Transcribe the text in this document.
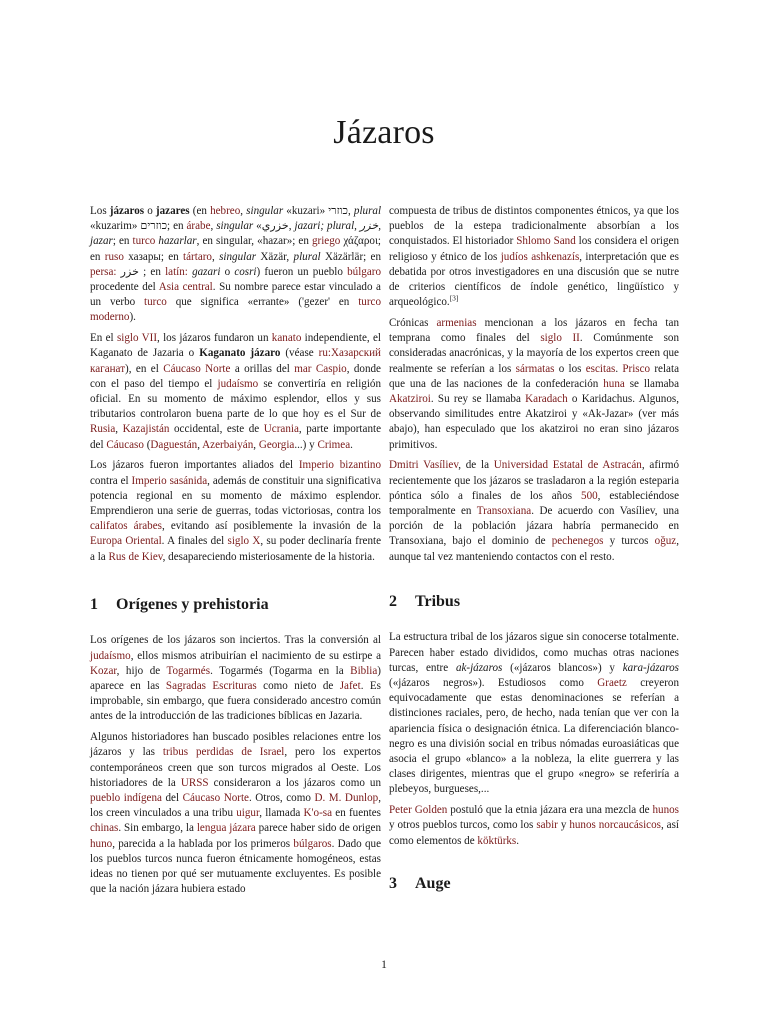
Jázaros

Los jázaros o jazares (en hebreo, singular «kuzari» כוזרי, plural «kuzarim» כוזרים; en árabe, singular «خزري, jazari; plural, خزر, jazar; en turco hazarlar, en singular, «hazar»; en griego χάζαροι; en ruso хазары; en tártaro, singular Xäzär, plural Xäzärlär; en persa: خزر ; en latín: gazari o cosri) fueron un pueblo búlgaro procedente del Asia central. Su nombre parece estar vinculado a un verbo turco que significa «errante» ('gezer' en turco moderno).

En el siglo VII, los jázaros fundaron un kanato independiente, el Kaganato de Jazaria o Kaganato jázaro (véase ru:Хазарский каганат), en el Cáucaso Norte a orillas del mar Caspio, donde con el paso del tiempo el judaísmo se convertiría en religión oficial. En su momento de máximo esplendor, ellos y sus tributarios controlaron buena parte de lo que hoy es el Sur de Rusia, Kazajistán occidental, este de Ucrania, parte importante del Cáucaso (Daguestán, Azerbaiyán, Georgia...) y Crimea.

Los jázaros fueron importantes aliados del Imperio bizantino contra el Imperio sasánida, además de constituir una significativa potencia regional en su momento de máximo esplendor. Emprendieron una serie de guerras, todas victoriosas, contra los califatos árabes, evitando así posiblemente la invasión de la Europa Oriental. A finales del siglo X, su poder declinaría frente a la Rus de Kiev, desapareciendo misteriosamente de la historia.

1 Orígenes y prehistoria

Los orígenes de los jázaros son inciertos. Tras la conversión al judaísmo, ellos mismos atribuirían el nacimiento de su estirpe a Kozar, hijo de Togarmés. Togarmés (Togarma en la Biblia) aparece en las Sagradas Escrituras como nieto de Jafet. Es improbable, sin embargo, que fuera considerado ancestro común antes de la introducción de las tradiciones bíblicas en Jazaria.

Algunos historiadores han buscado posibles relaciones entre los jázaros y las tribus perdidas de Israel, pero los expertos contemporáneos creen que son turcos migrados al Oeste. Los historiadores de la URSS consideraron a los jázaros como un pueblo indígena del Cáucaso Norte. Otros, como D. M. Dunlop, los creen vinculados a una tribu uigur, llamada K'o-sa en fuentes chinas. Sin embargo, la lengua jázara parece haber sido de origen huno, parecida a la hablada por los primeros búlgaros. Dado que los pueblos turcos nunca fueron étnicamente homogéneos, estas ideas no tienen por qué ser mutuamente excluyentes. Es posible que la nación jázara hubiera estado

compuesta de tribus de distintos componentes étnicos, ya que los pueblos de la estepa tradicionalmente absorbían a los conquistados. El historiador Shlomo Sand los considera el origen religioso y étnico de los judíos ashkenazís, interpretación que es debatida por otros investigadores en una discusión que se nutre de criterios científicos de índole genético, lingüístico y arqueológico.[3]

Crónicas armenias mencionan a los jázaros en fecha tan temprana como finales del siglo II. Comúnmente son consideradas anacrónicas, y la mayoría de los expertos creen que realmente se referían a los sármatas o los escitas. Prisco relata que una de las naciones de la confederación huna se llamaba Akatziroi. Su rey se llamaba Karadach o Karidachus. Algunos, observando similitudes entre Akatziroi y «Ak-Jazar» (ver más abajo), han especulado que los akatziroi no eran sino jázaros primitivos.

Dmitri Vasíliev, de la Universidad Estatal de Astracán, afirmó recientemente que los jázaros se trasladaron a la región esteparia póntica sólo a finales de los años 500, estableciéndose temporalmente en Transoxiana. De acuerdo con Vasíliev, una porción de la población jázara habría permanecido en Transoxiana, bajo el dominio de pechenegos y turcos oğuz, aunque tal vez manteniendo contactos con el resto.

2 Tribus

La estructura tribal de los jázaros sigue sin conocerse totalmente. Parecen haber estado divididos, como muchas otras naciones turcas, entre ak-jázaros («jázaros blancos») y kara-jázaros («jázaros negros»). Estudiosos como Graetz creyeron equivocadamente que estas denominaciones se referían a distinciones raciales, pero, de hecho, nada tenían que ver con la apariencia física o designación étnica. La diferenciación blanco-negro es una división social en tribus nómadas euroasiáticas que asocia el grupo «blanco» a la nobleza, la elite guerrera y las clases dirigentes, mientras que el grupo «negro» se referiría a plebeyos, burgueses,...

Peter Golden postuló que la etnia jázara era una mezcla de hunos y otros pueblos turcos, como los sabir y hunos norcaucásicos, así como elementos de köktürks.

3 Auge
1
